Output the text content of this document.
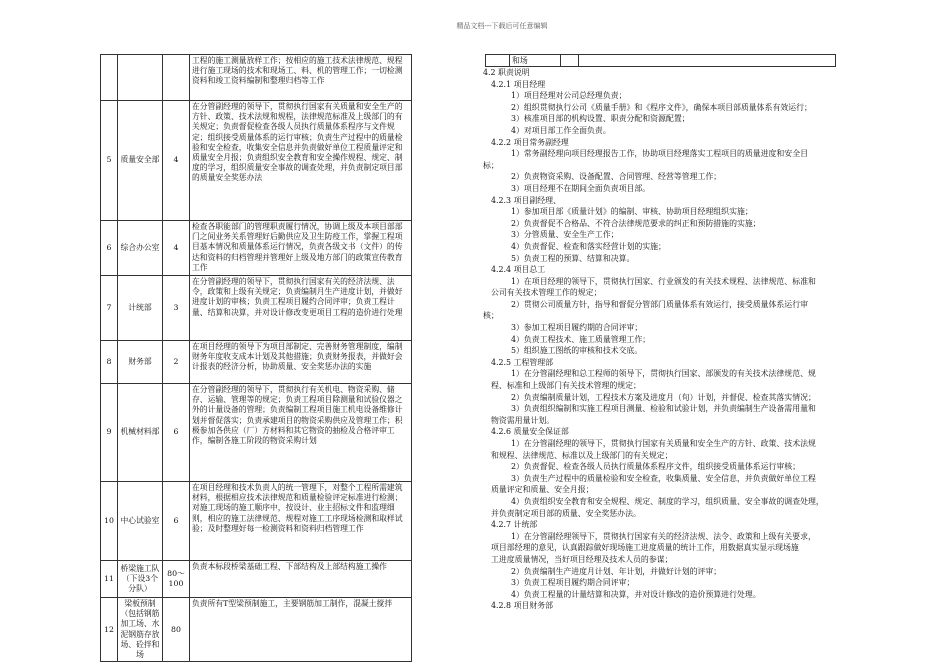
精品文档---下载后可任意编辑
			工程的施工测量放样工作；按相应的施工技术法律规范、规程进行施工现场的技术和现场工、料、机的管理工作；一切检测资料和竣工资料编制和整理归档等工作
5	质量安全部	4	在分管副经理的领导下，贯彻执行国家有关质量和安全生产的方针、政策、技术法规和规程，法律规范标准及上级部门的有关规定；负责督促检查各级人员执行质量体系程序与文件规定；组织接受质量体系的运行审核；负责生产过程中的质量检验和安全检查，收集安全信息并负责做好单位工程质量评定和质量安全月报；负责组织安全教育和安全操作规程、规定、制度的学习，组织质量安全事故的调查处理，并负责制定项目部的质量安全奖惩办法
6	综合办公室	4	检查各职能部门的管理职责履行情况，协调上级及本项目部部门之间业务关系管理好后勤供应及卫生防疫工作，掌握工程项目基本情况和质量体系运行情况，负责各级文书（文件）的传达和资料的归档管理并管理好上级及地方部门的政策宣传教育工作
7	计统部	3	在分管副经理的领导下，贯彻执行国家有关的经济法规、法令，政策和上级有关规定；负责编制月生产进度计划，并做好进度计划的审核；负责工程项目履约合同评审；负责工程计量、结算和决算，并对设计修改变更项目工程的造价进行处理
8	财务部	2	在项目经理的领导下为项目部制定、完善财务管理制度，编制财务年度收支成本计划及其他措施；负责财务报表，并做好会计报表的经济分析，协助质量、安全奖惩办法的实施
9	机械材料部	6	在分管副经理的领导下，贯彻执行有关机电、物资采购、储存、运输、管理等的规定；负责工程项目除测量和试验仪器之外的计量设备的管理；负责编制工程项目施工机电设备维修计划并督促落实；负责承建项目的物资采购供应及管理工作；积极参加各供应（厂）方材料和其它物资的抽检及合格评审工作，编制各施工阶段的物资采购计划
10	中心试验室	6	在项目经理和技术负责人的统一管理下，对整个工程所需建筑材料，根据相应技术法律规范和质量检验评定标准进行检测；对施工现场的施工顺序中，按设计、业主招标文件和监理细则，相应的施工法律规范、规程对施工工序现场检测和取样试验；及时整理好每一检测资料和资料归档管理工作
11	桥梁施工队（下设3个分队）	80～100	负责本标段桥梁基础工程、下部结构及上部结构施工操作
12	梁板预制（包括钢筋加工场、水泥钢筋存放场、砼拌和场	80	负责所有T型梁预制施工，主要钢筋加工制作，混凝土搅拌
	和场		
4.2 职责说明
4.2.1 项目经理
1）项目经理对公司总经理负责；
2）组织贯彻执行公司《质量手册》和《程序文件》，确保本项目部质量体系有效运行；
3）核准项目部的机构设置、职责分配和资源配置；
4）对项目部工作全面负责。
4.2.2 项目常务副经理
1）常务副经理向项目经理报告工作，协助项目经理落实工程项目的质量进度和安全目
标；
2）负责物资采购、设备配置、合同管理、经营等管理工作；
3）项目经理不在期间全面负责项目部。
4.2.3 项目副经理、
1）参加项目部《质量计划》的编制、审核、协助项目经理组织实施；
2）负责督促不合格品、不符合法律规范要求的纠正和预防措施的实施；
3）分管质量、安全生产工作；
4）负责督促、检查和落实经营计划的实施；
5）负责工程的预算、结算和决算。
4.2.4 项目总工
1）在项目经理的领导下，贯彻执行国家、行业颁发的有关技术规程、法律规范、标准和
公司有关技术管理工作的规定；
2）贯彻公司质量方针，指导和督促分管部门质量体系有效运行，接受质量体系运行审
核；
3）参加工程项目履约期的合同评审；
4）负责工程技术、施工质量管理工作；
5）组织施工图纸的审核和技术交底。
4.2.5 工程管理部
1）在分管副经理和总工程师的领导下，贯彻执行国家、部颁发的有关技术法律规范、规
程、标准和上级部门有关技术管理的规定；
2）负责编制质量计划，工程技术方案及进度月（旬）计划，并督促、检查其落实情况；
3）负责组织编制和实施工程项目测量、检验和试验计划，并负责编制生产设备需用量和
物资需用量计划。
4.2.6 质量安全保证部
1）在分管副经理的领导下，贯彻执行国家有关质量和安全生产的方针、政策、技术法规
和规程、法律规范、标准以及上级部门的有关规定；
2）负责督促、检查各级人员执行质量体系程序文件，组织接受质量体系运行审核；
3）负责生产过程中的质量检验和安全检查，收集质量、安全信息，并负责做好单位工程
质量评定和质量、安全月报；
4）负责组织安全教育和安全规程、规定、制度的学习，组织质量、安全事故的调查处理，
并负责制定项目部的质量、安全奖惩办法。
4.2.7 计统部
1）在分管副经理领导下，贯彻执行国家有关的经济法规、法令、政策和上级有关要求，
项目部经理的意见，认真跟踪做好现场施工进度质量的统计工作，用数据真实显示现场施
工进度质量情况，当好项目经理及技术人员的参谋；
2）负责编制生产进度月计划、年计划，并做好计划的评审；
3）负责工程项目履约期合同评审；
4）负责工程量的计量结算和决算，并对设计修改的造价预算进行处理。
4.2.8 项目财务部
